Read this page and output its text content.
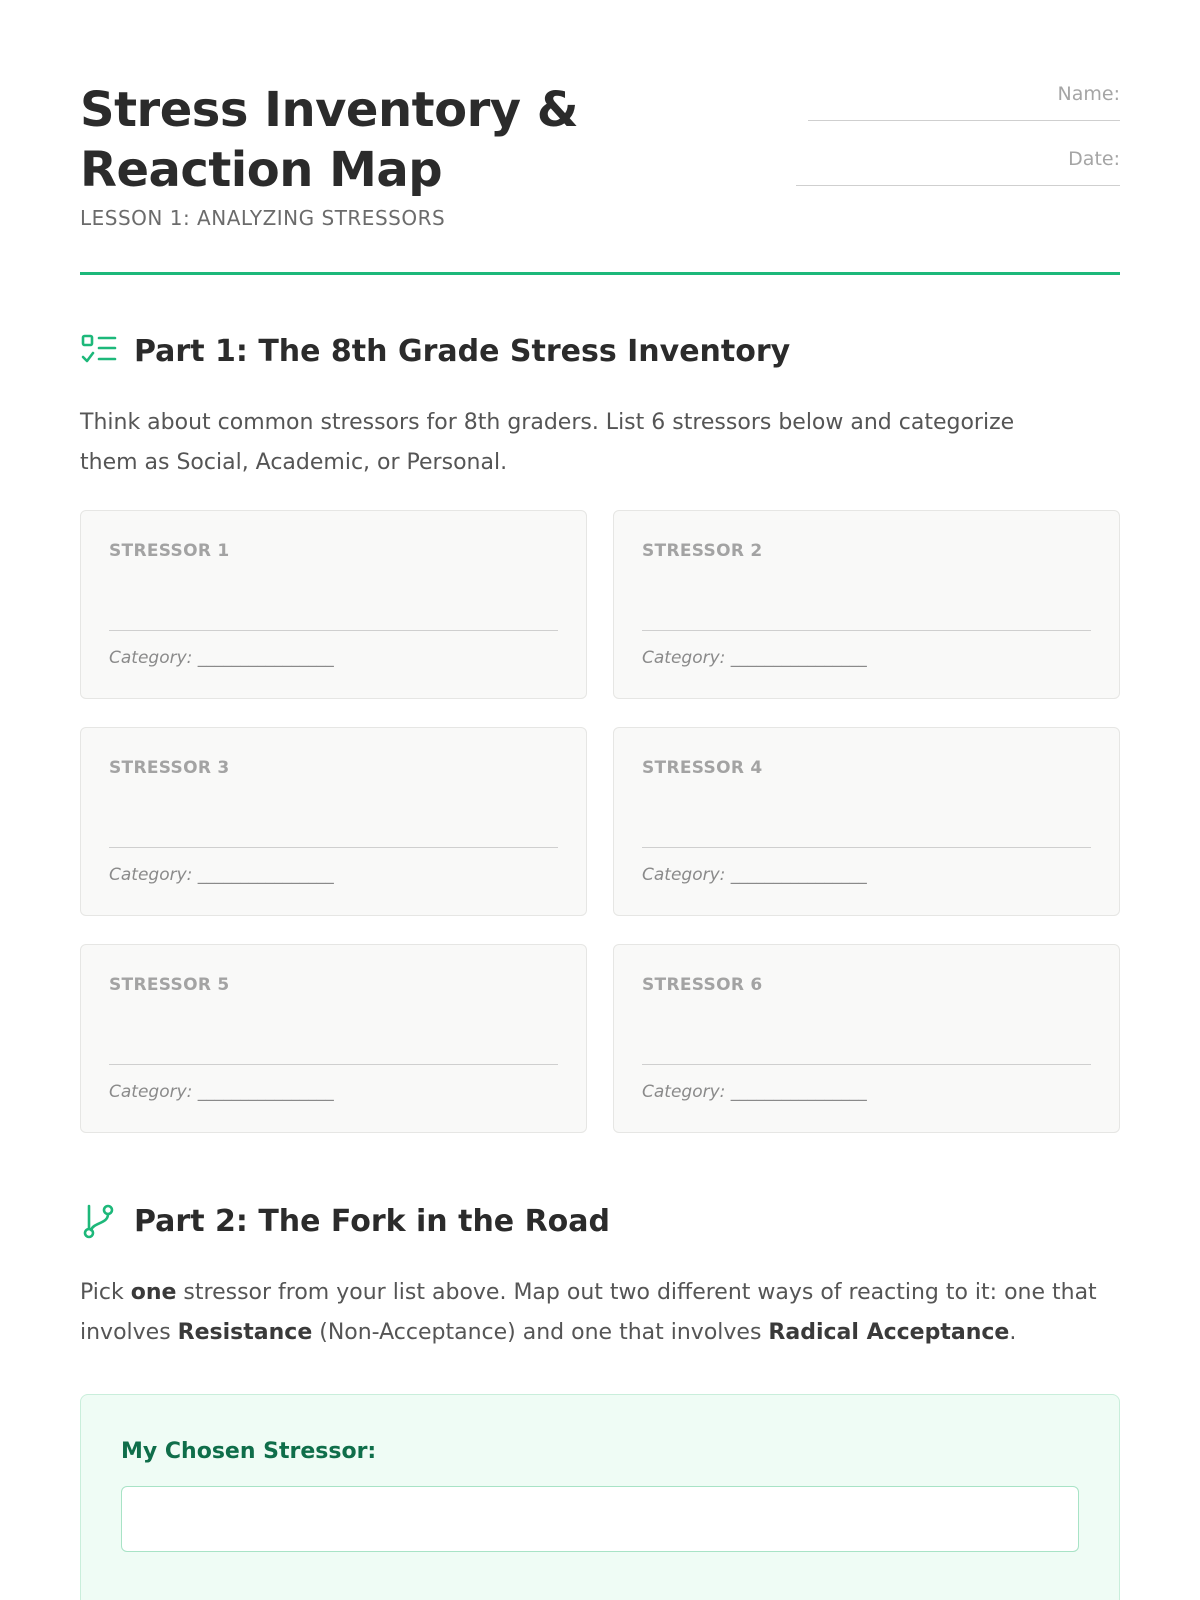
Stress Inventory &
Reaction Map
LESSON 1: ANALYZING STRESSORS
Name:
Date:
Part 1: The 8th Grade Stress Inventory
Think about common stressors for 8th graders. List 6 stressors below and categorize
them as Social, Academic, or Personal.
STRESSOR 1
Category: ________________
STRESSOR 2
Category: ________________
STRESSOR 3
Category: ________________
STRESSOR 4
Category: ________________
STRESSOR 5
Category: ________________
STRESSOR 6
Category: ________________
Part 2: The Fork in the Road
Pick one stressor from your list above. Map out two different ways of reacting to it: one that involves Resistance (Non-Acceptance) and one that involves Radical Acceptance.
My Chosen Stressor:
